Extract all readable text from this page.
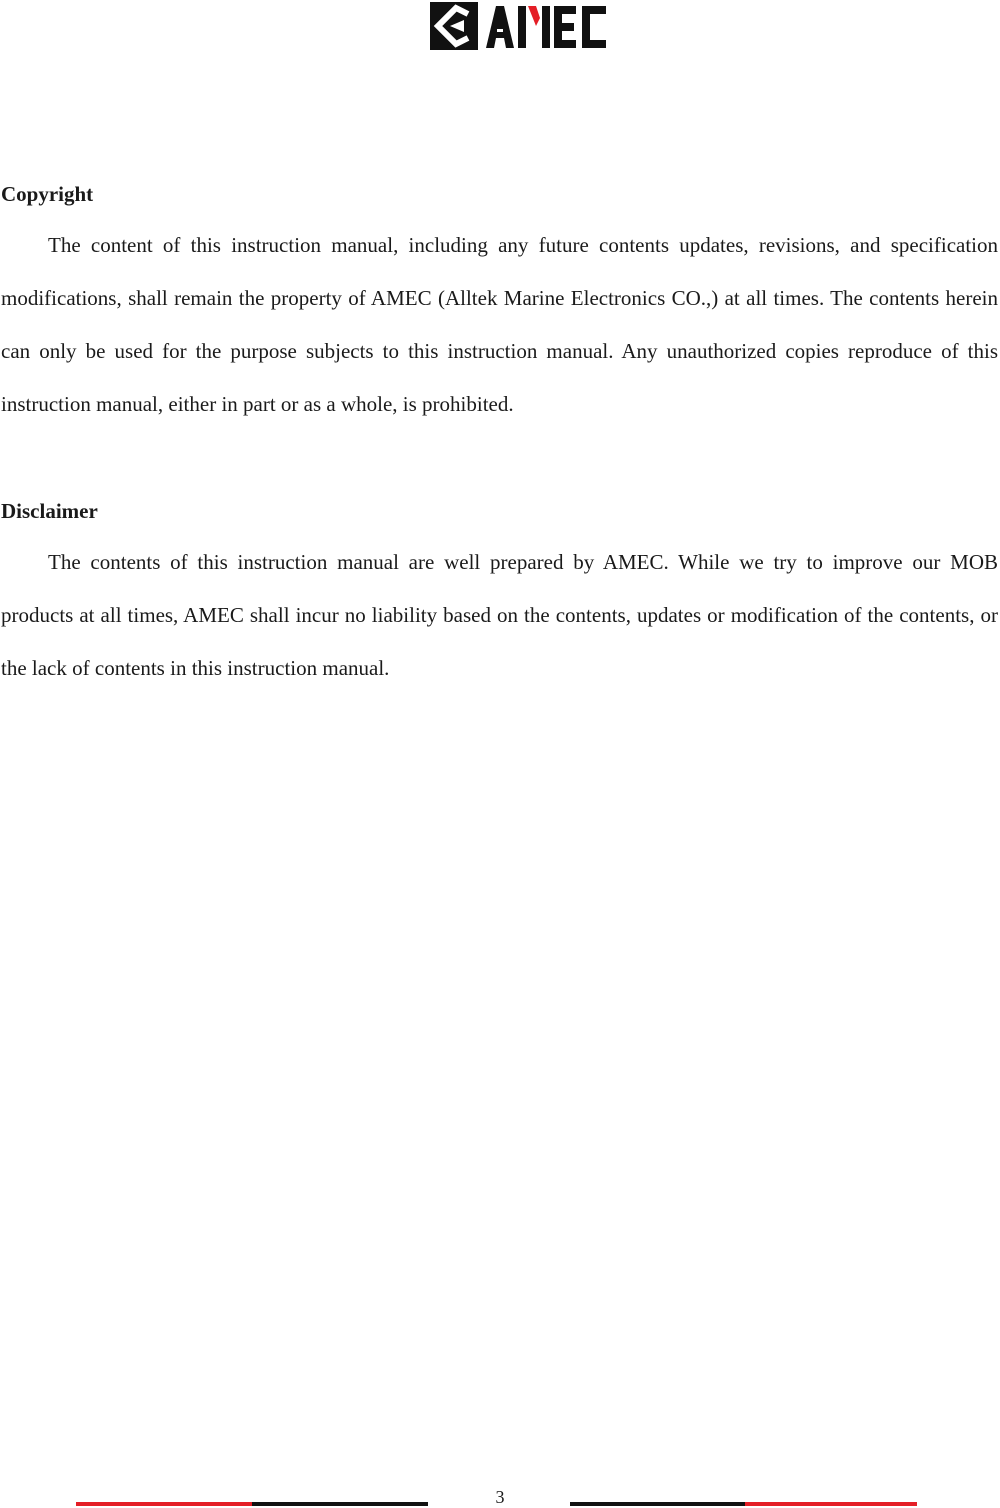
Copyright

The content of this instruction manual, including any future contents updates, revisions, and specification modifications, shall remain the property of AMEC (Alltek Marine Electronics CO.,) at all times. The contents herein can only be used for the purpose subjects to this instruction manual. Any unauthorized copies reproduce of this instruction manual, either in part or as a whole, is prohibited.

Disclaimer

The contents of this instruction manual are well prepared by AMEC. While we try to improve our MOB products at all times, AMEC shall incur no liability based on the contents, updates or modification of the contents, or the lack of contents in this instruction manual.

3
